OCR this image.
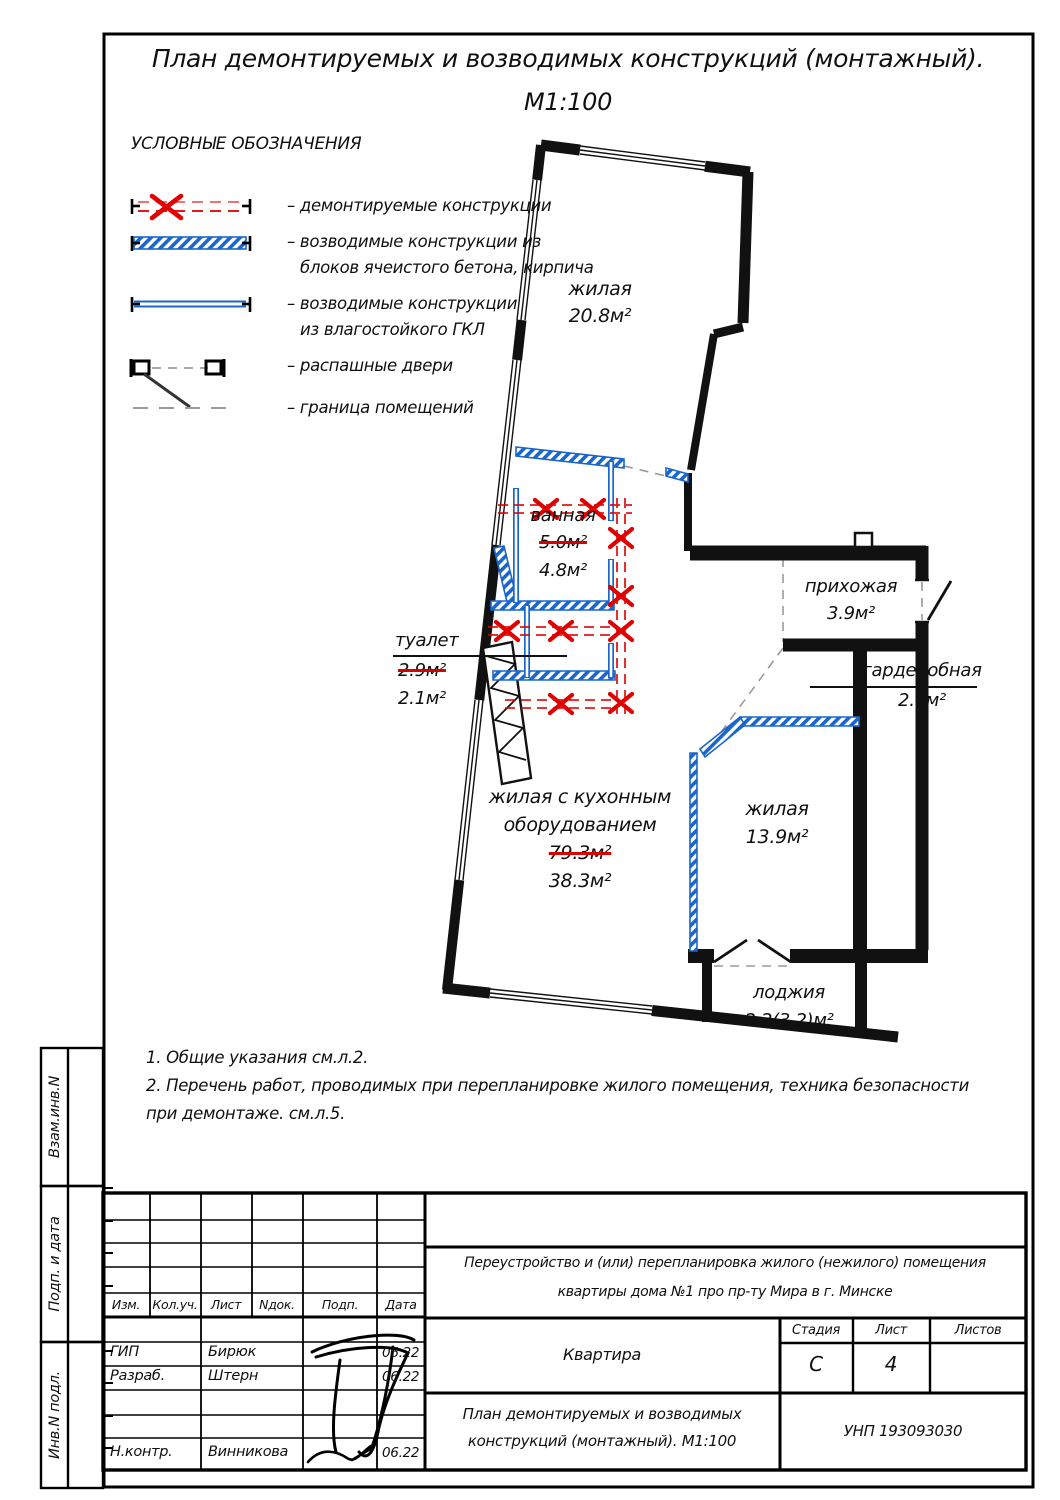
План демонтируемых и возводимых конструкций (монтажный).
М1:100
УСЛОВНЫЕ ОБОЗНАЧЕНИЯ
– демонтируемые конструкции
– возводимые конструкции из
блоков ячеистого бетона, кирпича
– возводимые конструкции
из влагостойкого ГКЛ
– распашные двери
– граница помещений
жилая
20.8м²
ванная
5.0м²
4.8м²
туалет
2.9м²
2.1м²
прихожая
3.9м²
гардеробная
2.6м²
жилая с кухонным
оборудованием
79.3м²
38.3м²
жилая
13.9м²
лоджия
2.2(3.2)м²
1. Общие указания см.л.2.
2. Перечень работ, проводимых при перепланировке жилого помещения, техника безопасности
при демонтаже. см.л.5.
Взам.инв.N
Подп. и дата
Инв.N подл.
Изм. Кол.уч. Лист Nдок. Подп. Дата
ГИП	Бирюк	06.22
Разраб.	Штерн	06.22
Н.контр. Винникова	06.22
Переустройство и (или) перепланировка жилого (нежилого) помещения
квартиры дома №1 про пр-ту Мира в г. Минске
Квартира
Стадия	Лист	Листов
С	4
План демонтируемых и возводимых
конструкций (монтажный). М1:100
УНП 193093030
